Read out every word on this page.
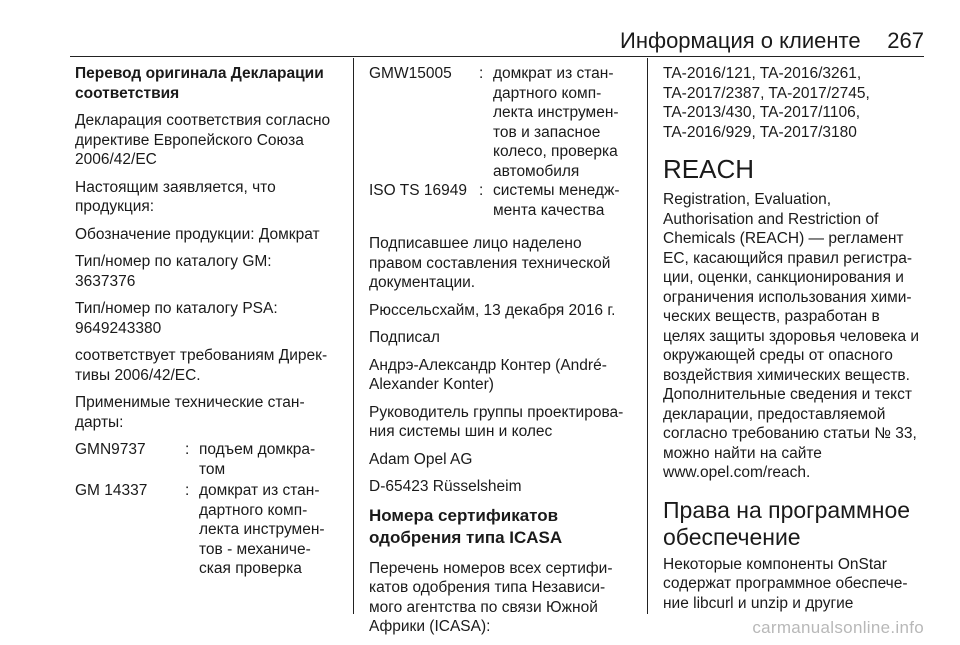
Информация о клиенте 267

Перевод оригинала Декларации
соответствия

Декларация соответствия согласно
директиве Европейского Союза
2006/42/EC

Настоящим заявляется, что
продукция:

Обозначение продукции: Домкрат

Тип/номер по каталогу GM:
3637376

Тип/номер по каталогу PSA:
9649243380

соответствует требованиям Дирек-
тивы 2006/42/EC.

Применимые технические стан-
дарты:

GMN9737	: подъем домкра-
том
GM 14337	: домкрат из стан-
дартного комп-
лекта инструмен-
тов - механиче-
ская проверка
GMW15005	: домкрат из стан-
дартного комп-
лекта инструмен-
тов и запасное
колесо, проверка
автомобиля
ISO TS 16949 : системы менедж-
мента качества

Подписавшее лицо наделено
правом составления технической
документации.

Рюссельсхайм, 13 декабря 2016 г.

Подписал

Андрэ-Александр Контер (André-
Alexander Konter)

Руководитель группы проектирова-
ния системы шин и колес

Adam Opel AG

D-65423 Rüsselsheim

Номера сертификатов
одобрения типа ICASA

Перечень номеров всех сертифи-
катов одобрения типа Независи-
мого агентства по связи Южной
Африки (ICASA):

TA-2016/121, TA-2016/3261,
TA-2017/2387, TA-2017/2745,
TA-2013/430, TA-2017/1106,
TA-2016/929, TA-2017/3180

REACH

Registration, Evaluation,
Authorisation and Restriction of
Chemicals (REACH) — регламент
ЕС, касающийся правил регистра-
ции, оценки, санкционирования и
ограничения использования хими-
ческих веществ, разработан в
целях защиты здоровья человека и
окружающей среды от опасного
воздействия химических веществ.
Дополнительные сведения и текст
декларации, предоставляемой
согласно требованию статьи № 33,
можно найти на сайте
www.opel.com/reach.

Права на программное
обеспечение

Некоторые компоненты OnStar
содержат программное обеспече-
ние libcurl и unzip и другие

carmanualsonline.info
